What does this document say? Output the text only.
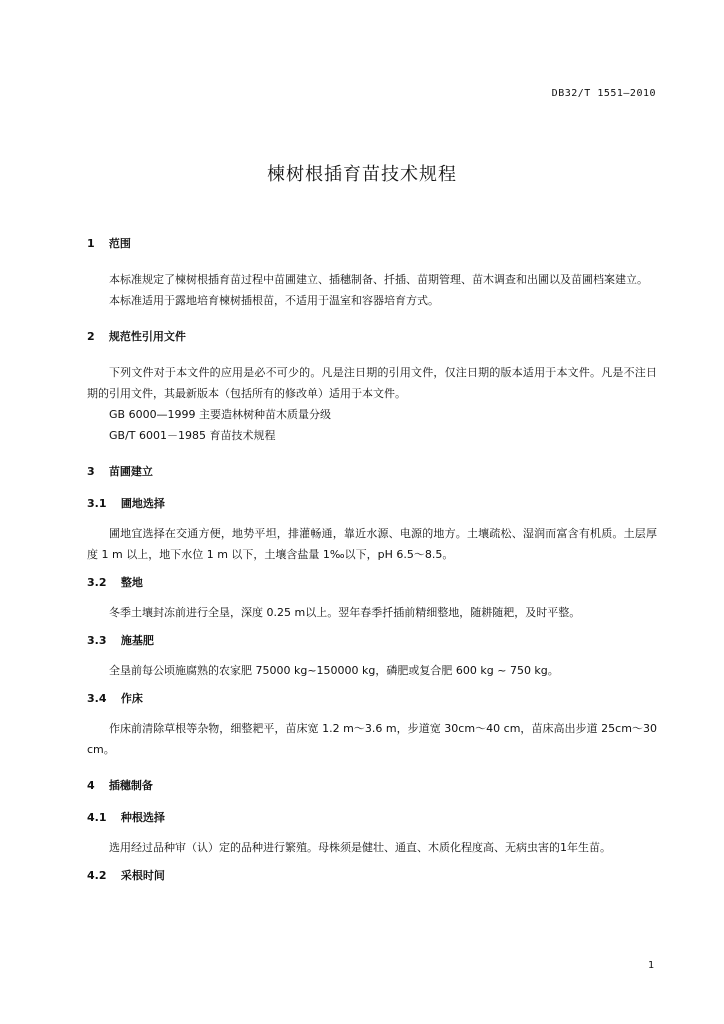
DB32/T 1551—2010
楝树根插育苗技术规程

1 范围

本标准规定了楝树根插育苗过程中苗圃建立、插穗制备、扦插、苗期管理、苗木调查和出圃以及苗圃档案建立。

本标准适用于露地培育楝树插根苗，不适用于温室和容器培育方式。

2 规范性引用文件

下列文件对于本文件的应用是必不可少的。凡是注日期的引用文件，仅注日期的版本适用于本文件。凡是不注日期的引用文件，其最新版本（包括所有的修改单）适用于本文件。

GB 6000—1999 主要造林树种苗木质量分级

GB/T 6001－1985 育苗技术规程

3 苗圃建立

3.1 圃地选择

圃地宜选择在交通方便，地势平坦，排灌畅通，靠近水源、电源的地方。土壤疏松、湿润而富含有机质。土层厚度 1 m 以上，地下水位 1 m 以下，土壤含盐量 1‰以下，pH 6.5～8.5。

3.2 整地

冬季土壤封冻前进行全垦，深度 0.25 m以上。翌年春季扦插前精细整地，随耕随耙，及时平整。

3.3 施基肥

全垦前每公顷施腐熟的农家肥 75000 kg~150000 kg，磷肥或复合肥 600 kg ~ 750 kg。

3.4 作床

作床前清除草根等杂物，细整耙平，苗床宽 1.2 m～3.6 m，步道宽 30cm～40 cm，苗床高出步道 25cm～30 cm。

4 插穗制备

4.1 种根选择

选用经过品种审（认）定的品种进行繁殖。母株须是健壮、通直、木质化程度高、无病虫害的1年生苗。

4.2 采根时间

1
